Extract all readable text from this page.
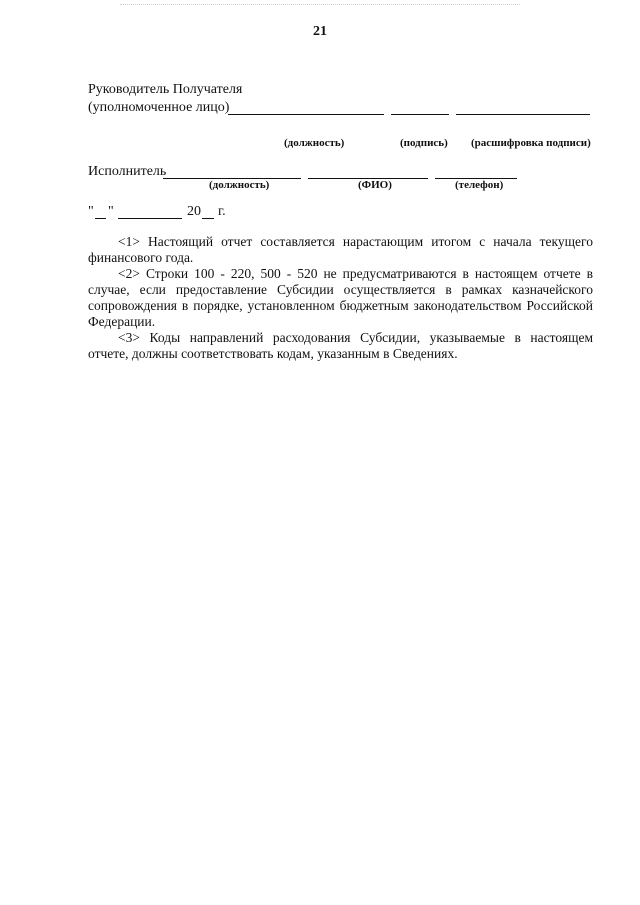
21
Руководитель Получателя
(уполномоченное лицо)
(должность)	(подпись) (расшифровка подписи)
Исполнитель
(должность)	(ФИО)	(телефон)
" "	20 г.

<1> Настоящий отчет составляется нарастающим итогом с начала текущего финансового года.

<2> Строки 100 - 220, 500 - 520 не предусматриваются в настоящем отчете в случае, если предоставление Субсидии осуществляется в рамках казначейского сопровождения в порядке, установленном бюджетным законодательством Российской Федерации.

<3> Коды направлений расходования Субсидии, указываемые в настоящем отчете, должны соответствовать кодам, указанным в Сведениях.
